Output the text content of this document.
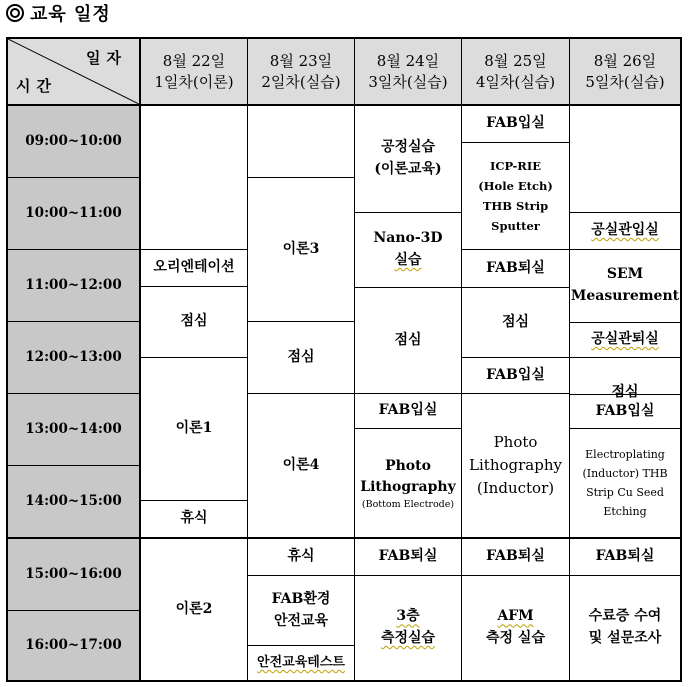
교육 일정
일자
시간
8월 22일
1일차(이론)
8월 23일
2일차(실습)
8월 24일
3일차(실습)
8월 25일
4일차(실습)
8월 26일
5일차(실습)
09:00~10:00
10:00~11:00
11:00~12:00
12:00~13:00
13:00~14:00
14:00~15:00
15:00~16:00
16:00~17:00
오리엔테이션
점심
이론1
휴식
이론2
이론3
점심
이론4
휴식
FAB환경
안전교육
안전교육테스트
공정실습
(이론교육)
Nano-3D
실습
점심
FAB입실
Photo
Lithography
(Bottom Electrode)
FAB퇴실
3층
측정실습
FAB입실
ICP-RIE
(Hole Etch)
THB Strip
Sputter
FAB퇴실
점심
FAB입실
Photo
Lithography
(Inductor)
FAB퇴실
AFM
측정 실습
공실관입실
SEM
Measurement
공실관퇴실
점심
FAB입실
Electroplating
(Inductor) THB
Strip Cu Seed
Etching
FAB퇴실
수료증 수여
및 설문조사
